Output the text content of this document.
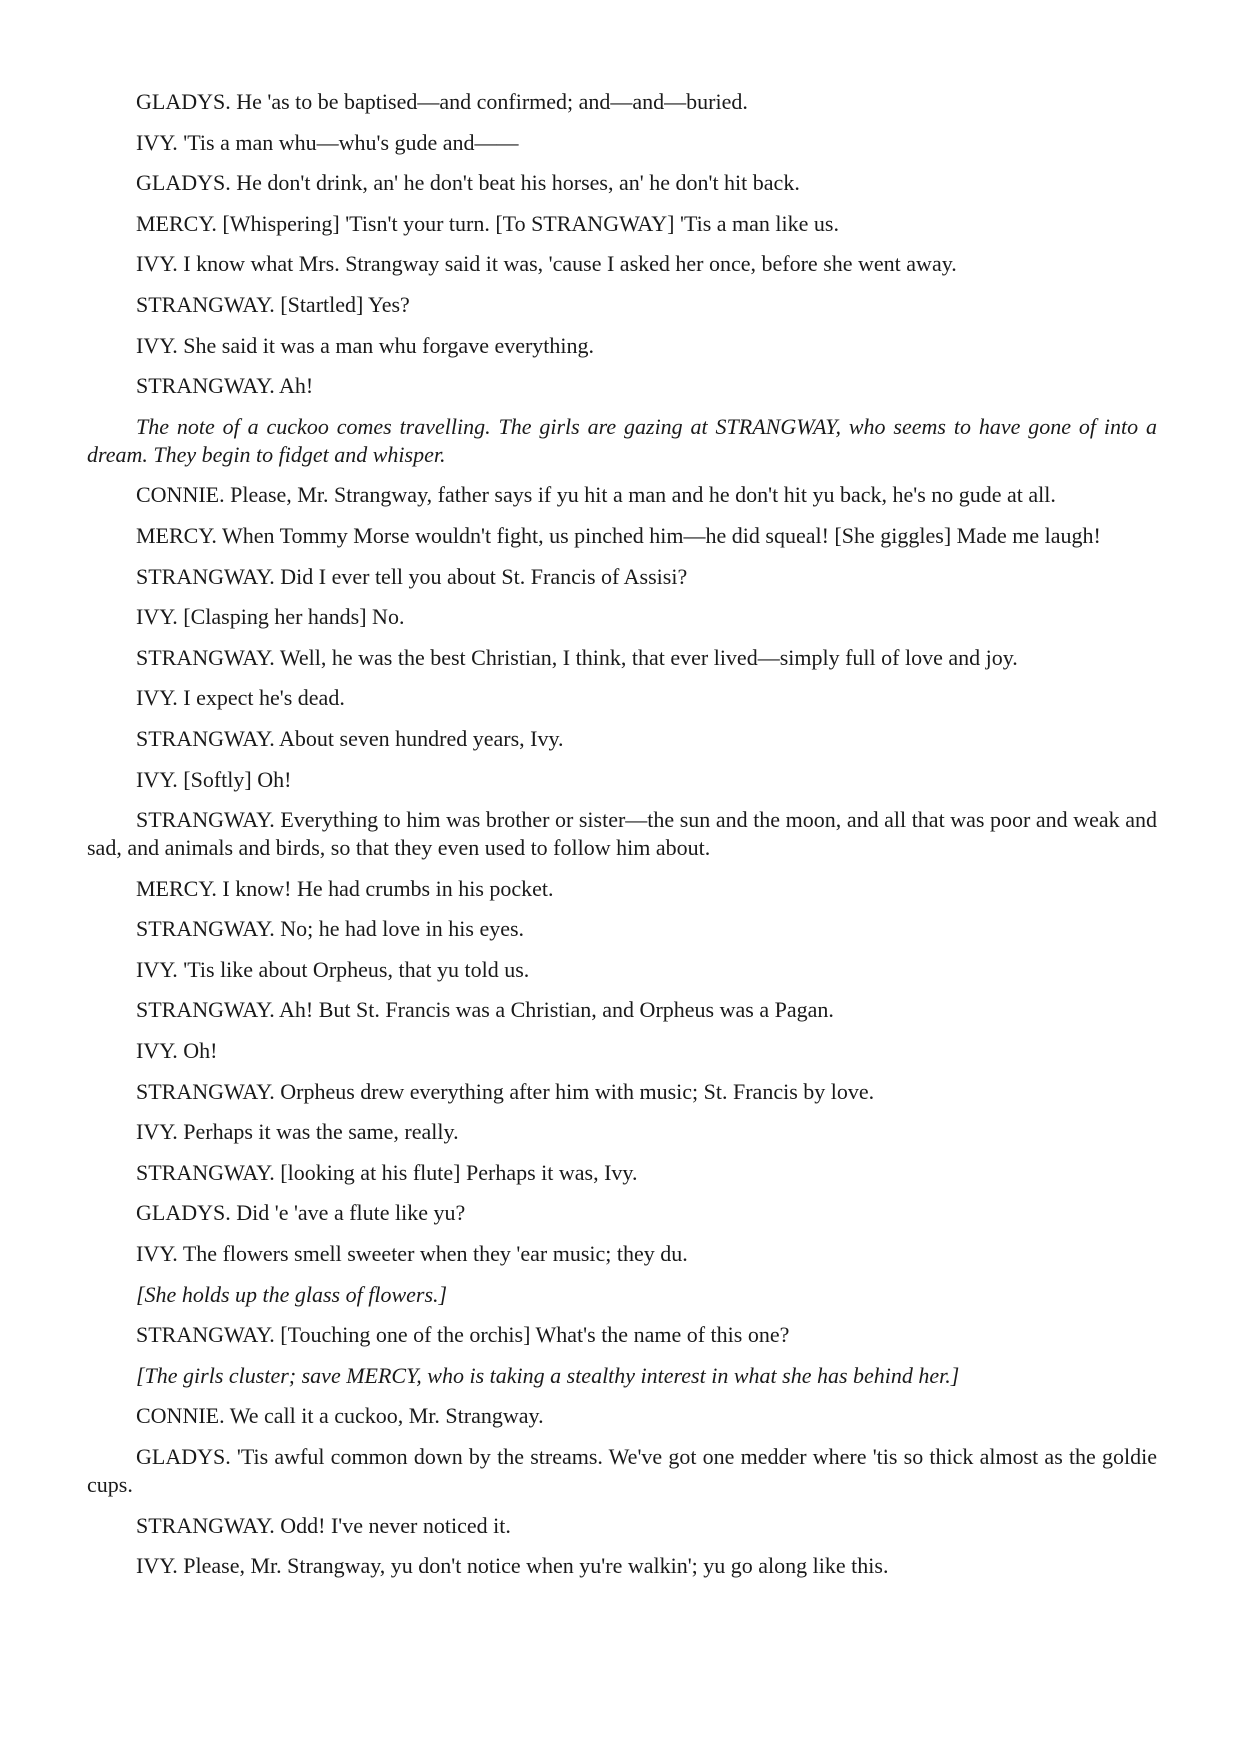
GLADYS. He 'as to be baptised—and confirmed; and—and—buried.

IVY. 'Tis a man whu—whu's gude and——

GLADYS. He don't drink, an' he don't beat his horses, an' he don't hit back.

MERCY. [Whispering] 'Tisn't your turn. [To STRANGWAY] 'Tis a man like us.

IVY. I know what Mrs. Strangway said it was, 'cause I asked her once, before she went away.

STRANGWAY. [Startled] Yes?

IVY. She said it was a man whu forgave everything.

STRANGWAY. Ah!

The note of a cuckoo comes travelling. The girls are gazing at STRANGWAY, who seems to have gone of into a dream. They begin to fidget and whisper.

CONNIE. Please, Mr. Strangway, father says if yu hit a man and he don't hit yu back, he's no gude at all.

MERCY. When Tommy Morse wouldn't fight, us pinched him—he did squeal! [She giggles] Made me laugh!

STRANGWAY. Did I ever tell you about St. Francis of Assisi?

IVY. [Clasping her hands] No.

STRANGWAY. Well, he was the best Christian, I think, that ever lived—simply full of love and joy.

IVY. I expect he's dead.

STRANGWAY. About seven hundred years, Ivy.

IVY. [Softly] Oh!

STRANGWAY. Everything to him was brother or sister—the sun and the moon, and all that was poor and weak and sad, and animals and birds, so that they even used to follow him about.

MERCY. I know! He had crumbs in his pocket.

STRANGWAY. No; he had love in his eyes.

IVY. 'Tis like about Orpheus, that yu told us.

STRANGWAY. Ah! But St. Francis was a Christian, and Orpheus was a Pagan.

IVY. Oh!

STRANGWAY. Orpheus drew everything after him with music; St. Francis by love.

IVY. Perhaps it was the same, really.

STRANGWAY. [looking at his flute] Perhaps it was, Ivy.

GLADYS. Did 'e 'ave a flute like yu?

IVY. The flowers smell sweeter when they 'ear music; they du.

[She holds up the glass of flowers.]

STRANGWAY. [Touching one of the orchis] What's the name of this one?

[The girls cluster; save MERCY, who is taking a stealthy interest in what she has behind her.]

CONNIE. We call it a cuckoo, Mr. Strangway.

GLADYS. 'Tis awful common down by the streams. We've got one medder where 'tis so thick almost as the goldie cups.

STRANGWAY. Odd! I've never noticed it.

IVY. Please, Mr. Strangway, yu don't notice when yu're walkin'; yu go along like this.
